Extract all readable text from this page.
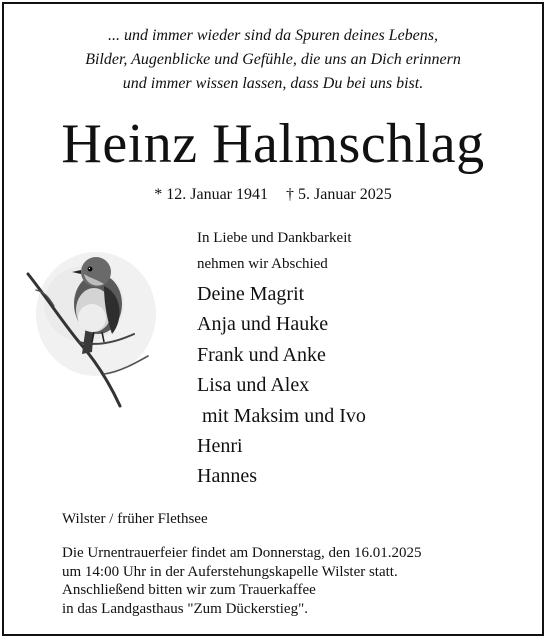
... und immer wieder sind da Spuren deines Lebens,
Bilder, Augenblicke und Gefühle, die uns an Dich erinnern
und immer wissen lassen, dass Du bei uns bist.
Heinz Halmschlag
* 12. Januar 1941 † 5. Januar 2025
In Liebe und Dankbarkeit
nehmen wir Abschied
Deine Magrit
Anja und Hauke
Frank und Anke
Lisa und Alex
mit Maksim und Ivo
Henri
Hannes
Wilster / früher Flethsee
Die Urnentrauerfeier findet am Donnerstag, den 16.01.2025
um 14:00 Uhr in der Auferstehungskapelle Wilster statt.
Anschließend bitten wir zum Trauerkaffee
in das Landgasthaus "Zum Dückerstieg".
